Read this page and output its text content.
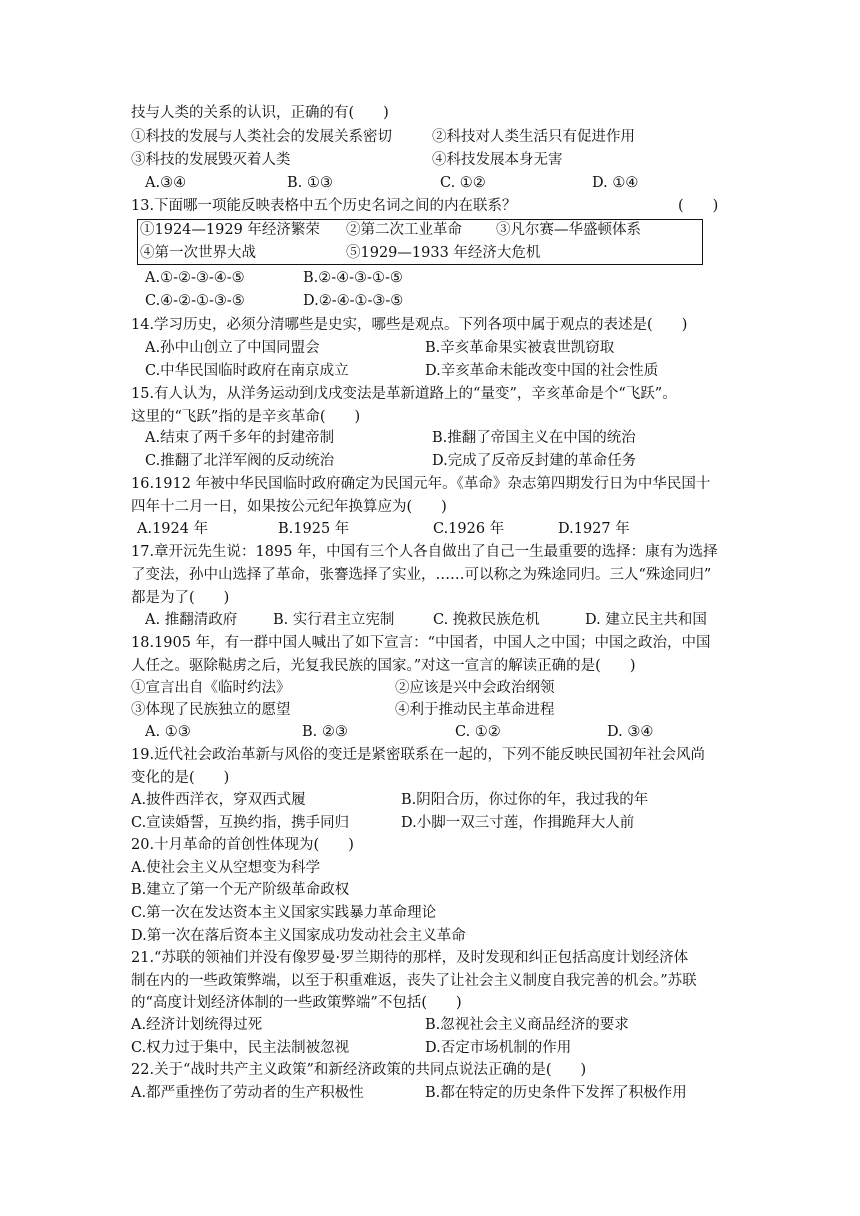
技与人类的关系的认识，正确的有(　　)
①科技的发展与人类社会的发展关系密切	②科技对人类生活只有促进作用
③科技的发展毁灭着人类	④科技发展本身无害
A.③④	B. ①③	C. ①②	D. ①④
13.下面哪一项能反映表格中五个历史名词之间的内在联系？	(　　)
①1924—1929 年经济繁荣 ②第二次工业革命 ③凡尔赛—华盛顿体系
④第一次世界大战	⑤1929—1933 年经济大危机
A.①-②-③-④-⑤	B.②-④-③-①-⑤
C.④-②-①-③-⑤	D.②-④-①-③-⑤
14.学习历史，必须分清哪些是史实，哪些是观点。下列各项中属于观点的表述是(　　)
A.孙中山创立了中国同盟会	B.辛亥革命果实被袁世凯窃取
C.中华民国临时政府在南京成立	D.辛亥革命未能改变中国的社会性质
15.有人认为，从洋务运动到戊戌变法是革新道路上的“量变”，辛亥革命是个“飞跃”。
这里的“飞跃”指的是辛亥革命(　　)
A.结束了两千多年的封建帝制	B.推翻了帝国主义在中国的统治
C.推翻了北洋军阀的反动统治	D.完成了反帝反封建的革命任务
16.1912 年被中华民国临时政府确定为民国元年。《革命》杂志第四期发行日为中华民国十
四年十二月一日，如果按公元纪年换算应为(　　)
A.1924 年	B.1925 年	C.1926 年	D.1927 年
17.章开沅先生说：1895 年，中国有三个人各自做出了自己一生最重要的选择：康有为选择
了变法，孙中山选择了革命，张謇选择了实业，……可以称之为殊途同归。三人“殊途同归”
都是为了(　　)
A. 推翻清政府 B. 实行君主立宪制	C. 挽救民族危机	D. 建立民主共和国
18.1905 年，有一群中国人喊出了如下宣言：“中国者，中国人之中国；中国之政治，中国
人任之。驱除鞑虏之后，光复我民族的国家。”对这一宣言的解读正确的是(　　)
①宣言出自《临时约法》	②应该是兴中会政治纲领
③体现了民族独立的愿望	④利于推动民主革命进程
A. ①③	B. ②③	C. ①②	D. ③④
19.近代社会政治革新与风俗的变迁是紧密联系在一起的，下列不能反映民国初年社会风尚
变化的是(　　)
A.披件西洋衣，穿双西式履	B.阴阳合历，你过你的年，我过我的年
C.宣读婚誓，互换约指，携手同归	D.小脚一双三寸莲，作揖跪拜大人前
20.十月革命的首创性体现为(　　)
A.使社会主义从空想变为科学
B.建立了第一个无产阶级革命政权
C.第一次在发达资本主义国家实践暴力革命理论
D.第一次在落后资本主义国家成功发动社会主义革命
21.“苏联的领袖们并没有像罗曼·罗兰期待的那样，及时发现和纠正包括高度计划经济体
制在内的一些政策弊端，以至于积重难返，丧失了让社会主义制度自我完善的机会。”苏联
的“高度计划经济体制的一些政策弊端”不包括(　　)
A.经济计划统得过死	B.忽视社会主义商品经济的要求
C.权力过于集中，民主法制被忽视	D.否定市场机制的作用
22.关于“战时共产主义政策”和新经济政策的共同点说法正确的是(　　)
A.都严重挫伤了劳动者的生产积极性	B.都在特定的历史条件下发挥了积极作用
